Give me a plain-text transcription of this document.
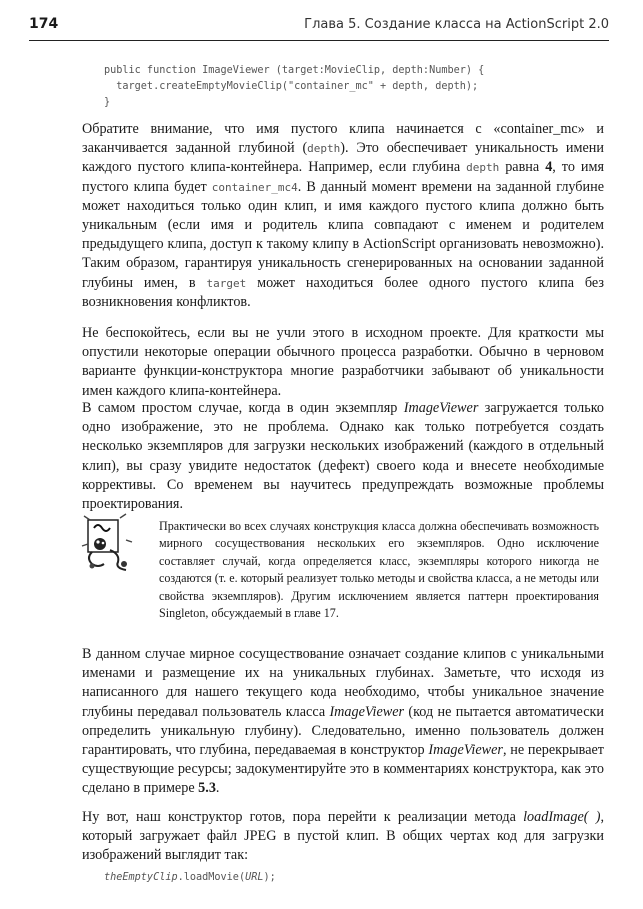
174	Глава 5. Создание класса на ActionScript 2.0
public function ImageViewer (target:MovieClip, depth:Number) {
target.createEmptyMovieClip("container_mc" + depth, depth);
}

Обратите внимание, что имя пустого клипа начинается с «container_mc» и заканчивается заданной глубиной (depth). Это обеспечивает уникальность имени каждого пустого клипа-контейнера. Например, если глубина depth равна 4, то имя пустого клипа будет container_mc4. В данный момент времени на заданной глубине может находиться только один клип, и имя каждого пустого клипа должно быть уникальным (если имя и родитель клипа совпадают с именем и родителем предыдущего клипа, доступ к такому клипу в ActionScript организовать невозможно). Таким образом, гарантируя уникальность сгенерированных на основании заданной глубины имен, в target может находиться более одного пустого клипа без возникновения конфликтов.

Не беспокойтесь, если вы не учли этого в исходном проекте. Для краткости мы опустили некоторые операции обычного процесса разработки. Обычно в черновом варианте функции-конструктора многие разработчики забывают об уникальности имен каждого клипа-контейнера.

В самом простом случае, когда в один экземпляр ImageViewer загружается только одно изображение, это не проблема. Однако как только потребуется создать несколько экземпляров для загрузки нескольких изображений (каждого в отдельный клип), вы сразу увидите недостаток (дефект) своего кода и внесете необходимые коррективы. Со временем вы научитесь предупреждать возможные проблемы проектирования.

Практически во всех случаях конструкция класса должна обеспечивать возможность мирного сосуществования нескольких его экземпляров. Одно исключение составляет случай, когда определяется класс, экземпляры которого никогда не создаются (т. е. который реализует только методы и свойства класса, а не методы или свойства экземпляров). Другим исключением является паттерн проектирования Singleton, обсуждаемый в главе 17.

В данном случае мирное сосуществование означает создание клипов с уникальными именами и размещение их на уникальных глубинах. Заметьте, что исходя из написанного для нашего текущего кода необходимо, чтобы уникальное значение глубины передавал пользователь класса ImageViewer (код не пытается автоматически определить уникальную глубину). Следовательно, именно пользователь должен гарантировать, что глубина, передаваемая в конструктор ImageViewer, не перекрывает существующие ресурсы; задокументируйте это в комментариях конструктора, как это сделано в примере 5.3.

Ну вот, наш конструктор готов, пора перейти к реализации метода loadImage( ), который загружает файл JPEG в пустой клип. В общих чертах код для загрузки изображений выглядит так:

theEmptyClip.loadMovie(URL);
